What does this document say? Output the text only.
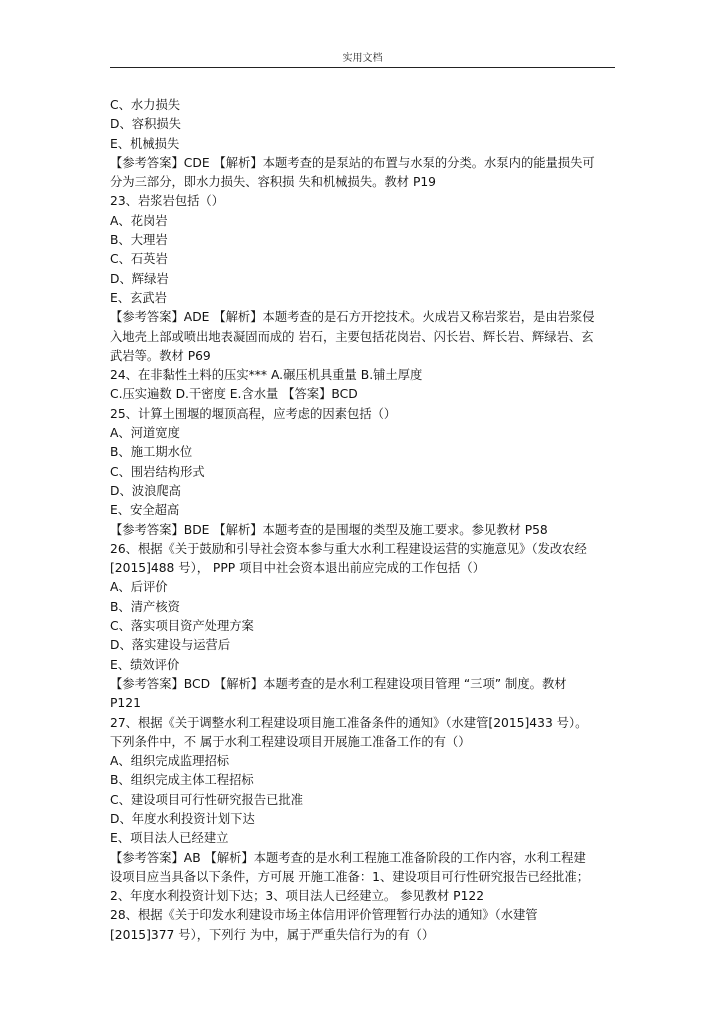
实用文档
C、水力损失
D、容积损失
E、机械损失
【参考答案】CDE 【解析】本题考查的是泵站的布置与水泵的分类。水泵内的能量损失可
分为三部分，即水力损失、容积损 失和机械损失。教材 P19
23、岩浆岩包括（）
A、花岗岩
B、大理岩
C、石英岩
D、辉绿岩
E、玄武岩
【参考答案】ADE 【解析】本题考查的是石方开挖技术。火成岩又称岩浆岩，是由岩浆侵
入地壳上部或喷出地表凝固而成的 岩石，主要包括花岗岩、闪长岩、辉长岩、辉绿岩、玄
武岩等。教材 P69
24、在非黏性土料的压实*** A.碾压机具重量 B.铺土厚度
C.压实遍数 D.干密度 E.含水量 【答案】BCD
25、计算土围堰的堰顶高程，应考虑的因素包括（）
A、河道宽度
B、施工期水位
C、围岩结构形式
D、波浪爬高
E、安全超高
【参考答案】BDE 【解析】本题考查的是围堰的类型及施工要求。参见教材 P58
26、根据《关于鼓励和引导社会资本参与重大水利工程建设运营的实施意见》（发改农经
[2015]488 号）， PPP 项目中社会资本退出前应完成的工作包括（）
A、后评价
B、清产核资
C、落实项目资产处理方案
D、落实建设与运营后
E、绩效评价
【参考答案】BCD 【解析】本题考查的是水利工程建设项目管理 “三项” 制度。教材
P121
27、根据《关于调整水利工程建设项目施工准备条件的通知》（水建管[2015]433 号）。
下列条件中，不 属于水利工程建设项目开展施工准备工作的有（）
A、组织完成监理招标
B、组织完成主体工程招标
C、建设项目可行性研究报告已批准
D、年度水利投资计划下达
E、项目法人已经建立
【参考答案】AB 【解析】本题考查的是水利工程施工准备阶段的工作内容，水利工程建
设项目应当具备以下条件，方可展 开施工准备：1、建设项目可行性研究报告已经批准；
2、年度水利投资计划下达；3、项目法人已经建立。 参见教材 P122
28、根据《关于印发水利建设市场主体信用评价管理暂行办法的通知》（水建管
[2015]377 号），下列行 为中，属于严重失信行为的有（）
